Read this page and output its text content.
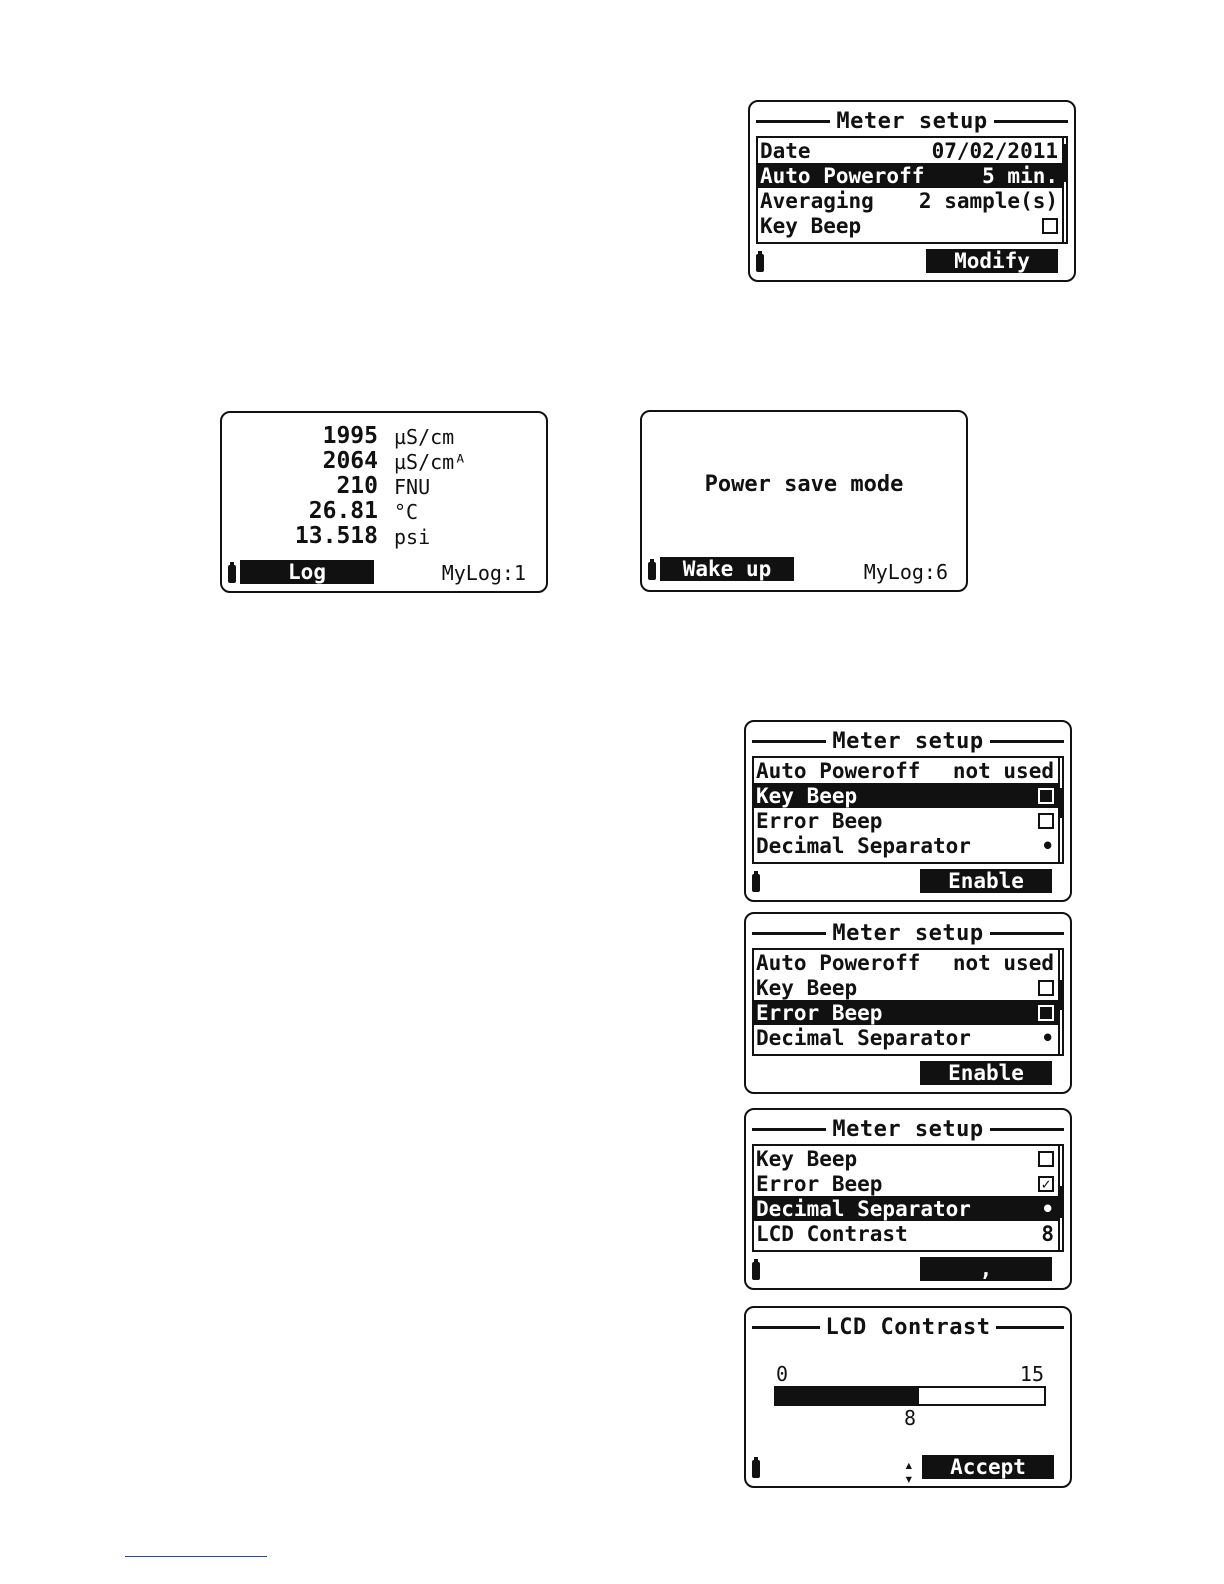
Meter setup
Date	07/02/2011
Auto Poweroff	5 min.
Averaging 2 sample(s)
Key Beep
Modify
1995 µS/cm
2064 µS/cmᴬ
210 FNU
26.81 °C
13.518 psi
Log	MyLog:1
Power save mode
Wake up	MyLog:6
Meter setup
Auto Poweroff not used
Key Beep
Error Beep
Decimal Separator	•
Enable
Meter setup
Auto Poweroff not used
Key Beep
Error Beep
Decimal Separator	•
Enable
Meter setup
Key Beep
Error Beep	✓
Decimal Separator	•
LCD Contrast	8
,
LCD Contrast
0	15
8
▴
▾	Accept
